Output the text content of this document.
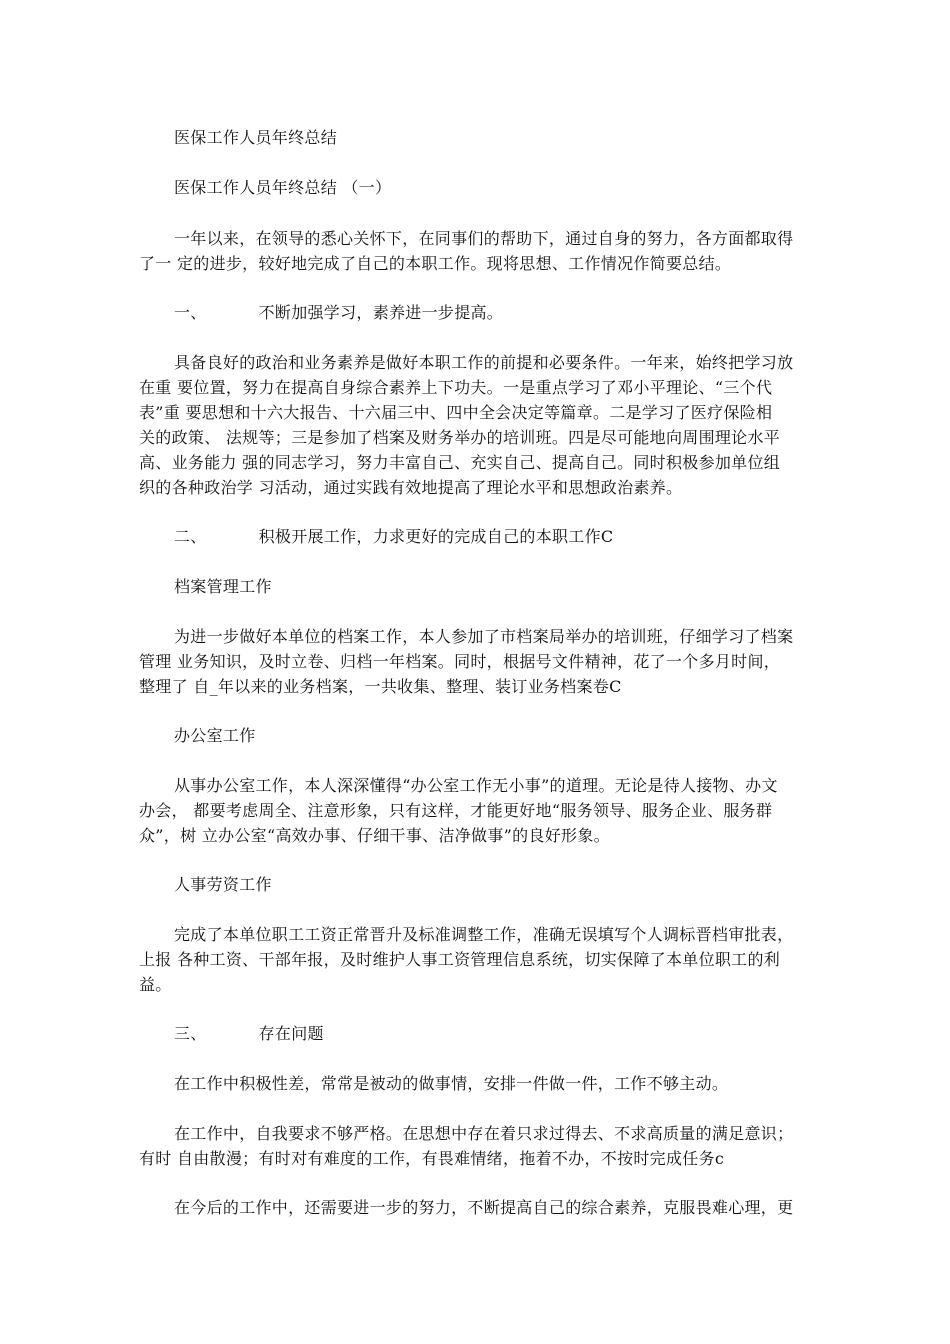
医保工作人员年终总结
医保工作人员年终总结 （一）
一年以来，在领导的悉心关怀下，在同事们的帮助下，通过自身的努力，各方面都取得
了一 定的进步，较好地完成了自己的本职工作。现将思想、工作情况作简要总结。
一、	不断加强学习，素养进一步提高。
具备良好的政治和业务素养是做好本职工作的前提和必要条件。一年来，始终把学习放
在重 要位置，努力在提高自身综合素养上下功夫。一是重点学习了邓小平理论、“三个代
表”重 要思想和十六大报告、十六届三中、四中全会决定等篇章。二是学习了医疗保险相
关的政策、 法规等；三是参加了档案及财务举办的培训班。四是尽可能地向周围理论水平
高、业务能力 强的同志学习，努力丰富自己、充实自己、提高自己。同时积极参加单位组
织的各种政治学 习活动，通过实践有效地提高了理论水平和思想政治素养。
二、	积极开展工作，力求更好的完成自己的本职工作C
档案管理工作
为进一步做好本单位的档案工作，本人参加了市档案局举办的培训班，仔细学习了档案
管理 业务知识，及时立卷、归档一年档案。同时，根据号文件精神，花了一个多月时间，
整理了 自_年以来的业务档案，一共收集、整理、装订业务档案卷C
办公室工作
从事办公室工作，本人深深懂得“办公室工作无小事”的道理。无论是待人接物、办文
办会， 都要考虑周全、注意形象，只有这样，才能更好地“服务领导、服务企业、服务群
众”，树 立办公室“高效办事、仔细干事、洁净做事”的良好形象。
人事劳资工作
完成了本单位职工工资正常晋升及标准调整工作，准确无误填写个人调标晋档审批表，
上报 各种工资、干部年报，及时维护人事工资管理信息系统，切实保障了本单位职工的利
益。
三、	存在问题
在工作中积极性差，常常是被动的做事情，安排一件做一件，工作不够主动。
在工作中，自我要求不够严格。在思想中存在着只求过得去、不求高质量的满足意识；
有时 自由散漫；有时对有难度的工作，有畏难情绪，拖着不办，不按时完成任务c
在今后的工作中，还需要进一步的努力，不断提高自己的综合素养，克服畏难心理，更
